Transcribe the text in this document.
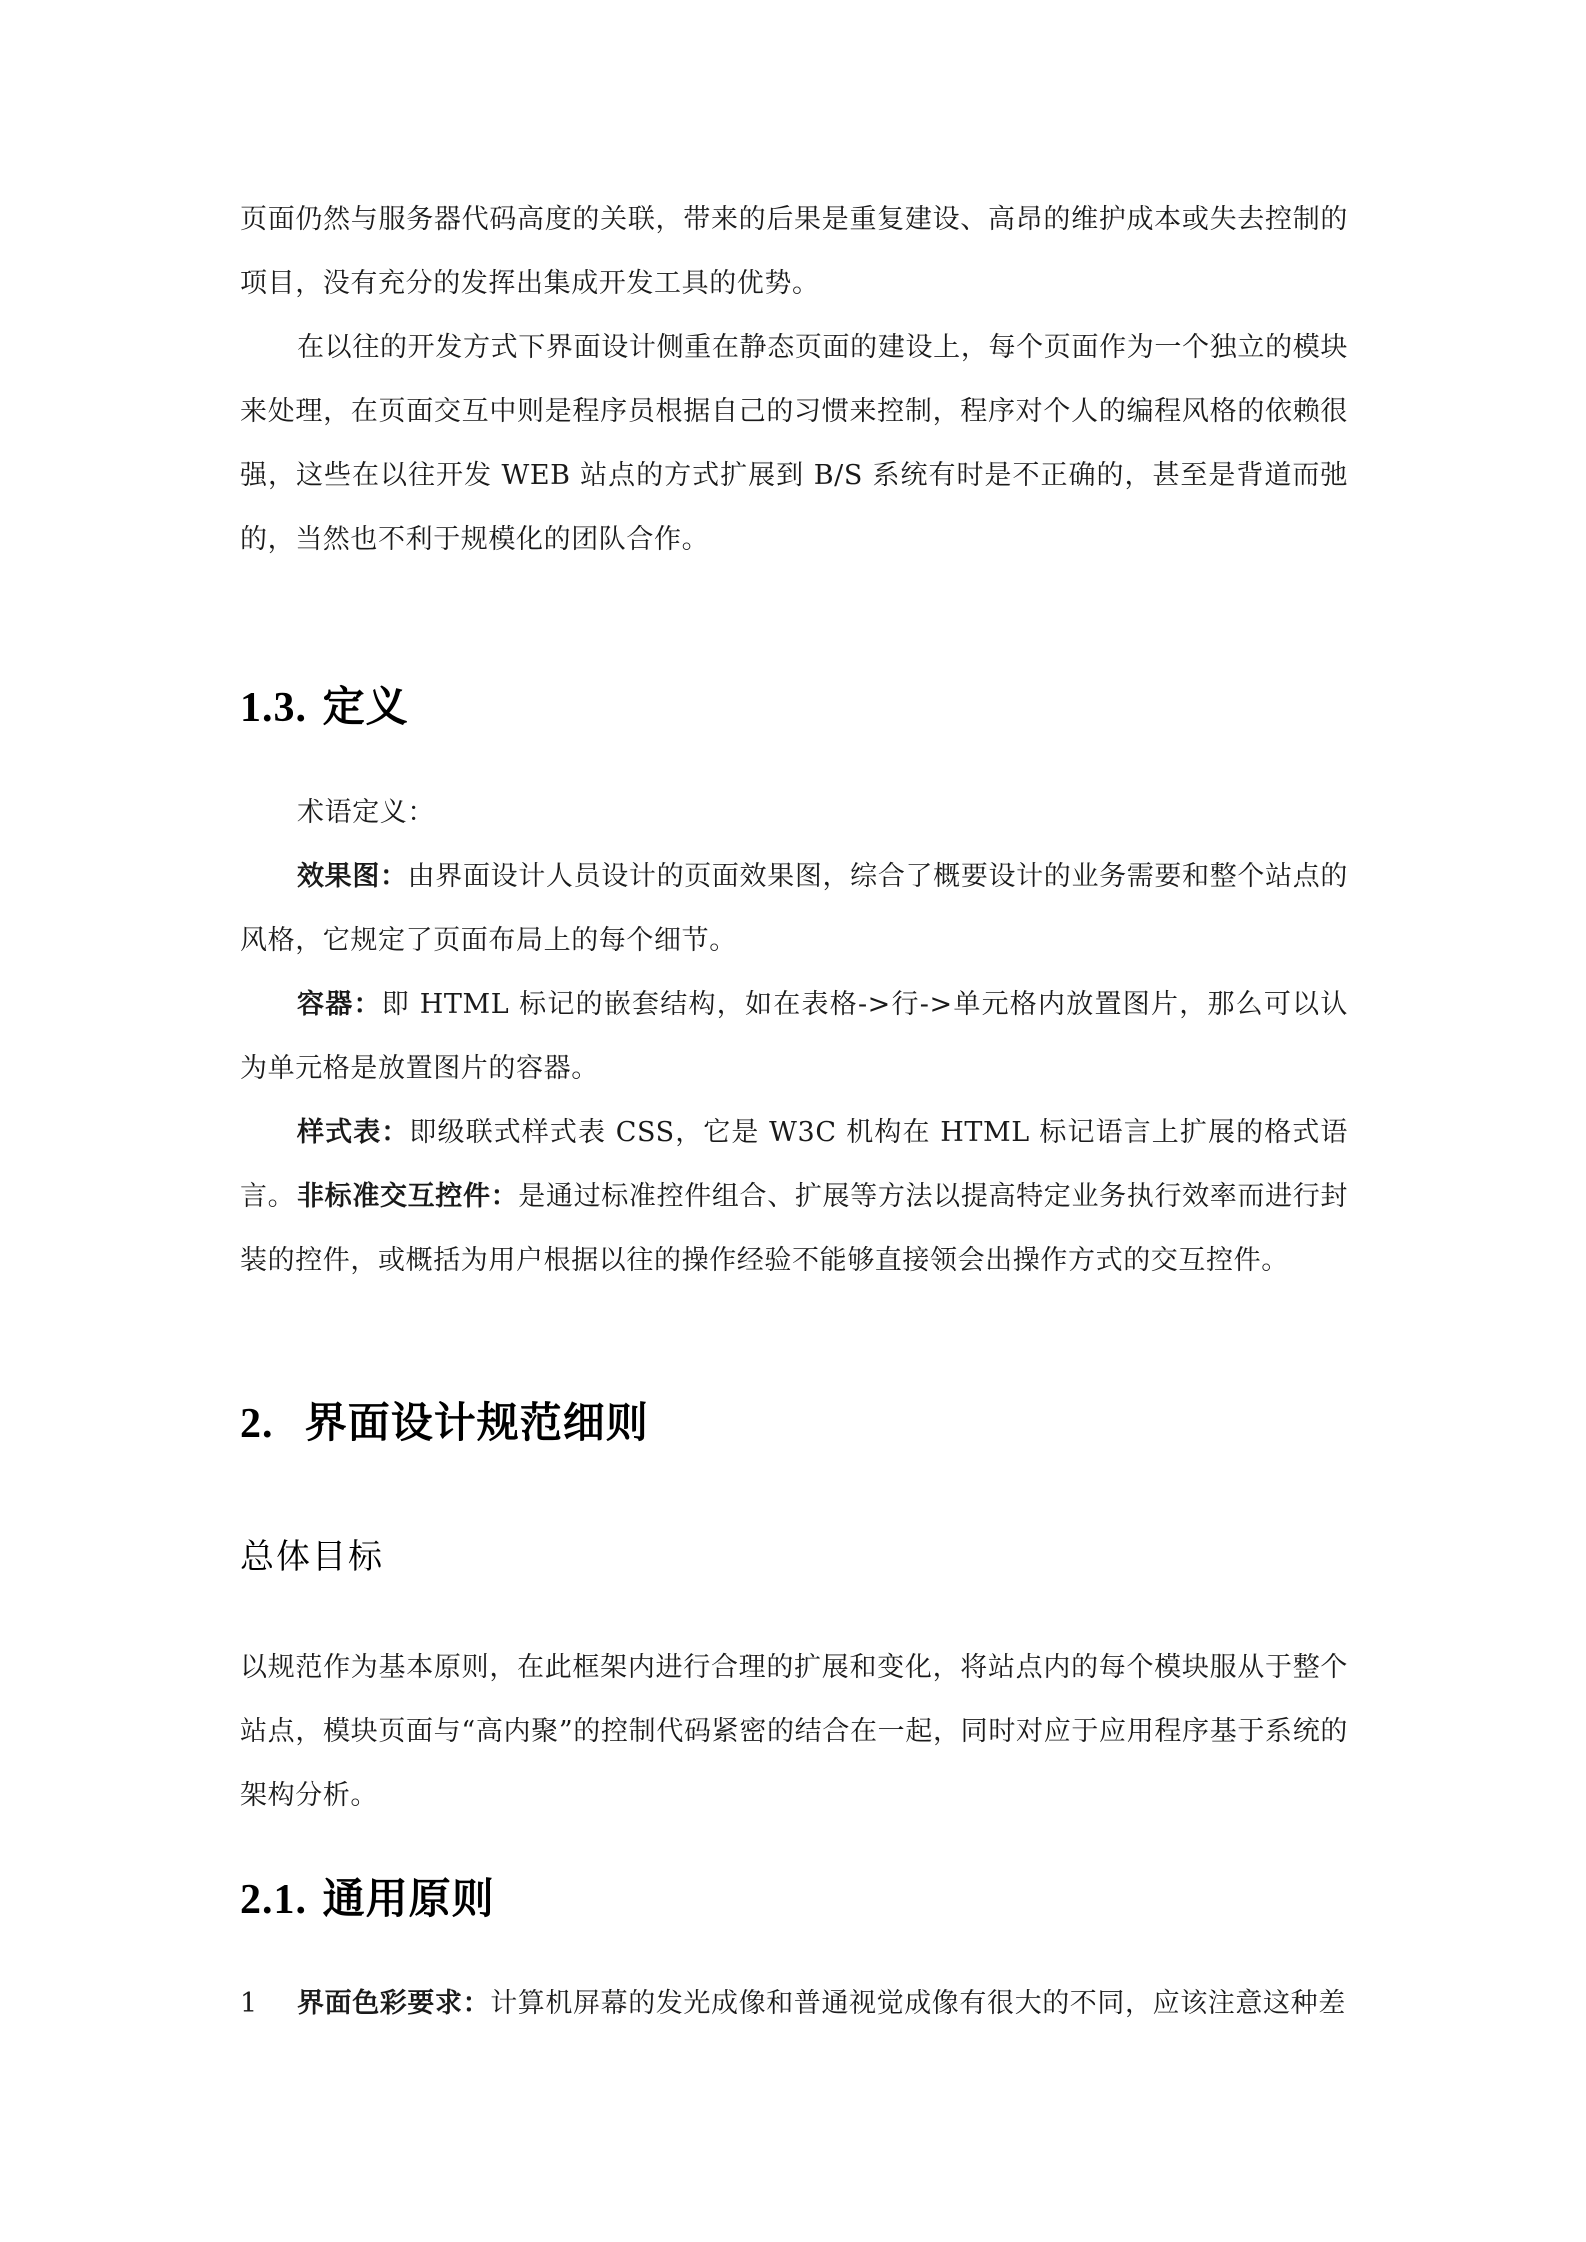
页面仍然与服务器代码高度的关联，带来的后果是重复建设、高昂的维护成本或失去控制的项目，没有充分的发挥出集成开发工具的优势。

在以往的开发方式下界面设计侧重在静态页面的建设上，每个页面作为一个独立的模块来处理，在页面交互中则是程序员根据自己的习惯来控制，程序对个人的编程风格的依赖很强，这些在以往开发 WEB 站点的方式扩展到 B/S 系统有时是不正确的，甚至是背道而弛的，当然也不利于规模化的团队合作。

1.3. 定义

术语定义：

效果图：由界面设计人员设计的页面效果图，综合了概要设计的业务需要和整个站点的风格，它规定了页面布局上的每个细节。

容器：即 HTML 标记的嵌套结构，如在表格->行->单元格内放置图片，那么可以认为单元格是放置图片的容器。

样式表：即级联式样式表 CSS，它是 W3C 机构在 HTML 标记语言上扩展的格式语言。 非标准交互控件：是通过标准控件组合、扩展等方法以提高特定业务执行效率而进行封装的控件，或概括为用户根据以往的操作经验不能够直接领会出操作方式的交互控件。

2. 界面设计规范细则
总体目标

以规范作为基本原则，在此框架内进行合理的扩展和变化，将站点内的每个模块服从于整个站点，模块页面与“高内聚”的控制代码紧密的结合在一起，同时对应于应用程序基于系统的架构分析。

2.1. 通用原则

1 界面色彩要求：计算机屏幕的发光成像和普通视觉成像有很大的不同，应该注意这种差
